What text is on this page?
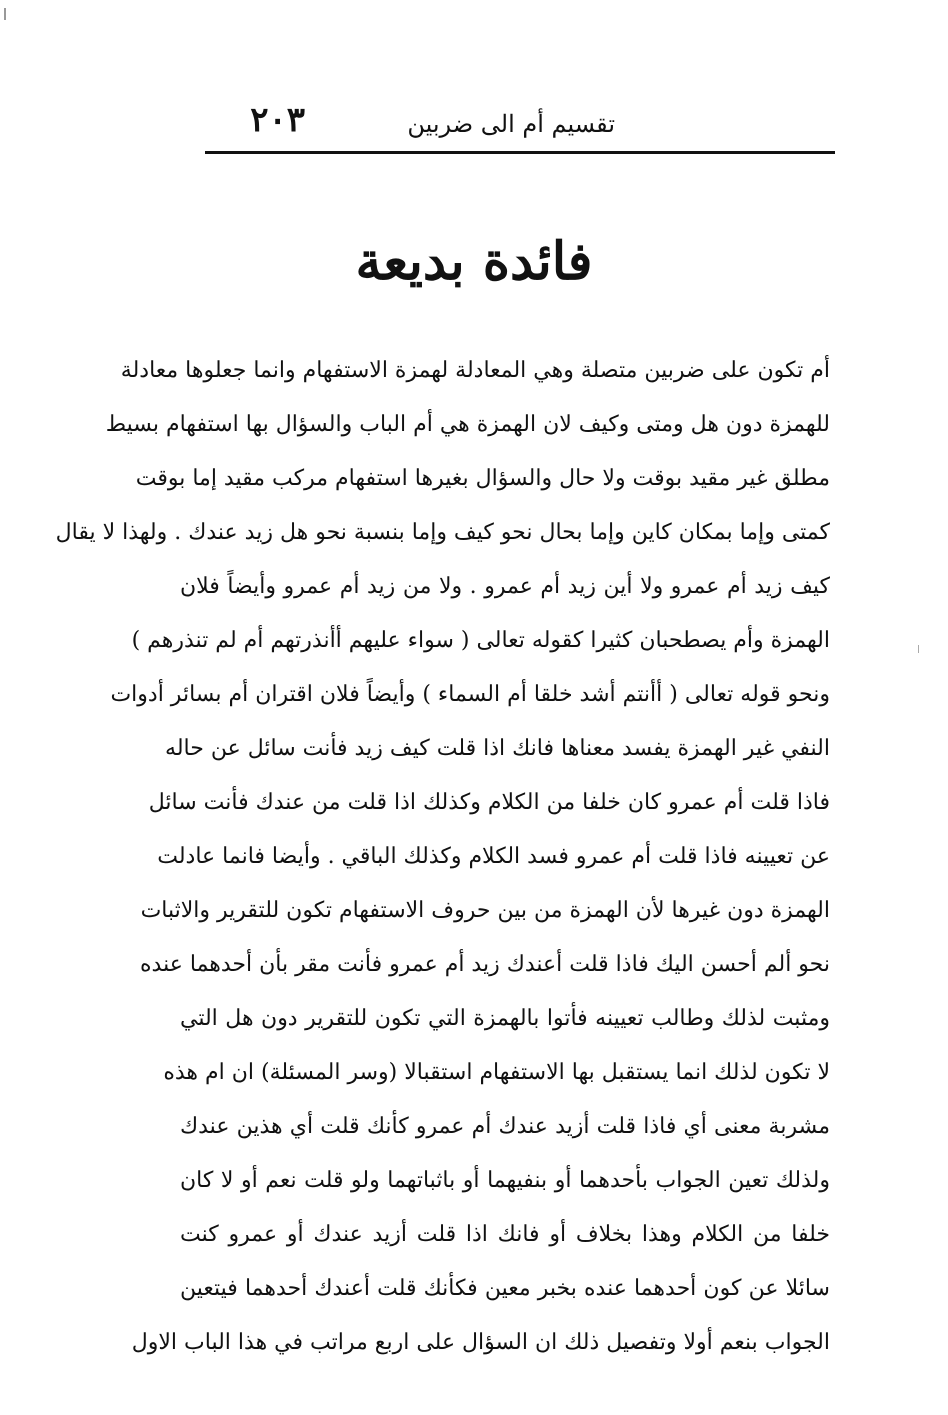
٢٠٣	تقسيم أم الى ضربين
فائدة بديعة
أم تكون على ضربين متصلة وهي المعادلة لهمزة الاستفهام وانما جعلوها معادلة
للهمزة دون هل ومتى وكيف لان الهمزة هي أم الباب والسؤال بها استفهام بسيط
مطلق غير مقيد بوقت ولا حال والسؤال بغيرها استفهام مركب مقيد إما بوقت
كمتى وإما بمكان كاين وإما بحال نحو كيف وإما بنسبة نحو هل زيد عندك . ولهذا لا يقال
كيف زيد أم عمرو ولا أين زيد أم عمرو . ولا من زيد أم عمرو وأيضاً فلان
الهمزة وأم يصطحبان كثيرا كقوله تعالى ( سواء عليهم أأنذرتهم أم لم تنذرهم )
ونحو قوله تعالى ( أأنتم أشد خلقا أم السماء ) وأيضاً فلان اقتران أم بسائر أدوات
النفي غير الهمزة يفسد معناها فانك اذا قلت كيف زيد فأنت سائل عن حاله
فاذا قلت أم عمرو كان خلفا من الكلام وكذلك اذا قلت من عندك فأنت سائل
عن تعيينه فاذا قلت أم عمرو فسد الكلام وكذلك الباقي . وأيضا فانما عادلت
الهمزة دون غيرها لأن الهمزة من بين حروف الاستفهام تكون للتقرير والاثبات
نحو ألم أحسن اليك فاذا قلت أعندك زيد أم عمرو فأنت مقر بأن أحدهما عنده
ومثبت لذلك وطالب تعيينه فأتوا بالهمزة التي تكون للتقرير دون هل التي
لا تكون لذلك انما يستقبل بها الاستفهام استقبالا (وسر المسئلة) ان ام هذه
مشربة معنى أي فاذا قلت أزيد عندك أم عمرو كأنك قلت أي هذين عندك
ولذلك تعين الجواب بأحدهما أو بنفيهما أو باثباتهما ولو قلت نعم أو لا كان
خلفا من الكلام وهذا بخلاف أو فانك اذا قلت أزيد عندك أو عمرو كنت
سائلا عن كون أحدهما عنده بخبر معين فكأنك قلت أعندك أحدهما فيتعين
الجواب بنعم أولا وتفصيل ذلك ان السؤال على اربع مراتب في هذا الباب الاول
